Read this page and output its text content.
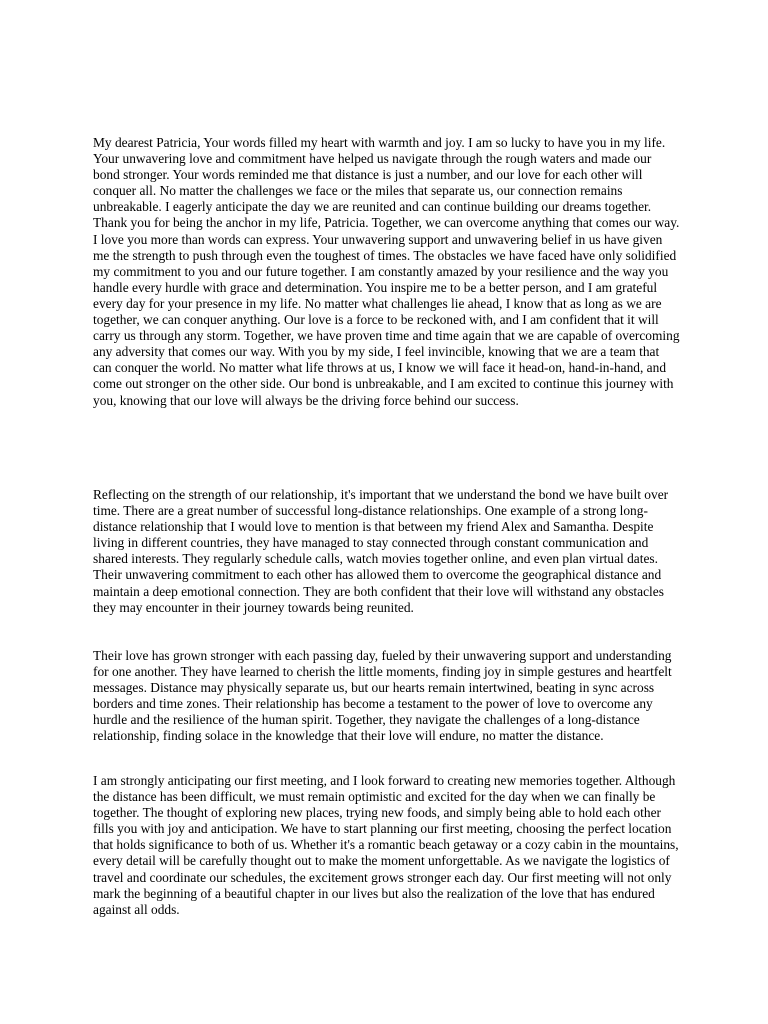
My dearest Patricia, Your words filled my heart with warmth and joy. I am so lucky to have you in my life. Your unwavering love and commitment have helped us navigate through the rough waters and made our bond stronger. Your words reminded me that distance is just a number, and our love for each other will conquer all. No matter the challenges we face or the miles that separate us, our connection remains unbreakable. I eagerly anticipate the day we are reunited and can continue building our dreams together. Thank you for being the anchor in my life, Patricia. Together, we can overcome anything that comes our way. I love you more than words can express. Your unwavering support and unwavering belief in us have given me the strength to push through even the toughest of times. The obstacles we have faced have only solidified my commitment to you and our future together. I am constantly amazed by your resilience and the way you handle every hurdle with grace and determination. You inspire me to be a better person, and I am grateful every day for your presence in my life. No matter what challenges lie ahead, I know that as long as we are together, we can conquer anything. Our love is a force to be reckoned with, and I am confident that it will carry us through any storm. Together, we have proven time and time again that we are capable of overcoming any adversity that comes our way. With you by my side, I feel invincible, knowing that we are a team that can conquer the world. No matter what life throws at us, I know we will face it head-on, hand-in-hand, and come out stronger on the other side. Our bond is unbreakable, and I am excited to continue this journey with you, knowing that our love will always be the driving force behind our success.

Reflecting on the strength of our relationship, it's important that we understand the bond we have built over time. There are a great number of successful long-distance relationships. One example of a strong long-distance relationship that I would love to mention is that between my friend Alex and Samantha. Despite living in different countries, they have managed to stay connected through constant communication and shared interests. They regularly schedule calls, watch movies together online, and even plan virtual dates. Their unwavering commitment to each other has allowed them to overcome the geographical distance and maintain a deep emotional connection. They are both confident that their love will withstand any obstacles they may encounter in their journey towards being reunited.

Their love has grown stronger with each passing day, fueled by their unwavering support and understanding for one another. They have learned to cherish the little moments, finding joy in simple gestures and heartfelt messages. Distance may physically separate us, but our hearts remain intertwined, beating in sync across borders and time zones. Their relationship has become a testament to the power of love to overcome any hurdle and the resilience of the human spirit. Together, they navigate the challenges of a long-distance relationship, finding solace in the knowledge that their love will endure, no matter the distance.

I am strongly anticipating our first meeting, and I look forward to creating new memories together. Although the distance has been difficult, we must remain optimistic and excited for the day when we can finally be together. The thought of exploring new places, trying new foods, and simply being able to hold each other fills you with joy and anticipation. We have to start planning our first meeting, choosing the perfect location that holds significance to both of us. Whether it's a romantic beach getaway or a cozy cabin in the mountains, every detail will be carefully thought out to make the moment unforgettable. As we navigate the logistics of travel and coordinate our schedules, the excitement grows stronger each day. Our first meeting will not only mark the beginning of a beautiful chapter in our lives but also the realization of the love that has endured against all odds.
